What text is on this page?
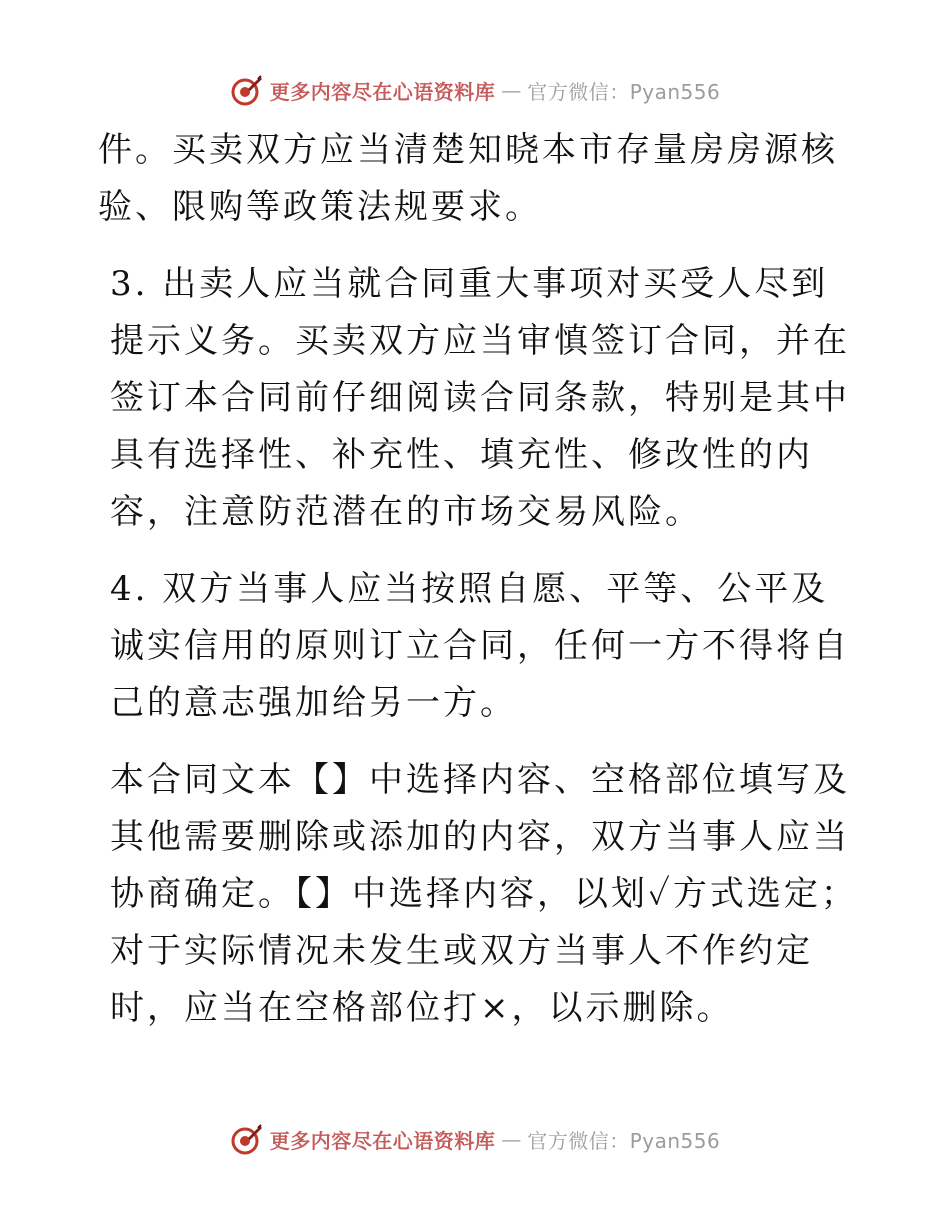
更多内容尽在心语资料库 — 官方微信：Pyan556

件。买卖双方应当清楚知晓本市存量房房源核验、限购等政策法规要求。

3. 出卖人应当就合同重大事项对买受人尽到提示义务。买卖双方应当审慎签订合同，并在签订本合同前仔细阅读合同条款，特别是其中具有选择性、补充性、填充性、修改性的内容，注意防范潜在的市场交易风险。

4. 双方当事人应当按照自愿、平等、公平及诚实信用的原则订立合同，任何一方不得将自己的意志强加给另一方。

本合同文本【】中选择内容、空格部位填写及其他需要删除或添加的内容，双方当事人应当协商确定。【】中选择内容，以划✓方式选定；对于实际情况未发生或双方当事人不作约定时，应当在空格部位打×，以示删除。

更多内容尽在心语资料库 — 官方微信：Pyan556
